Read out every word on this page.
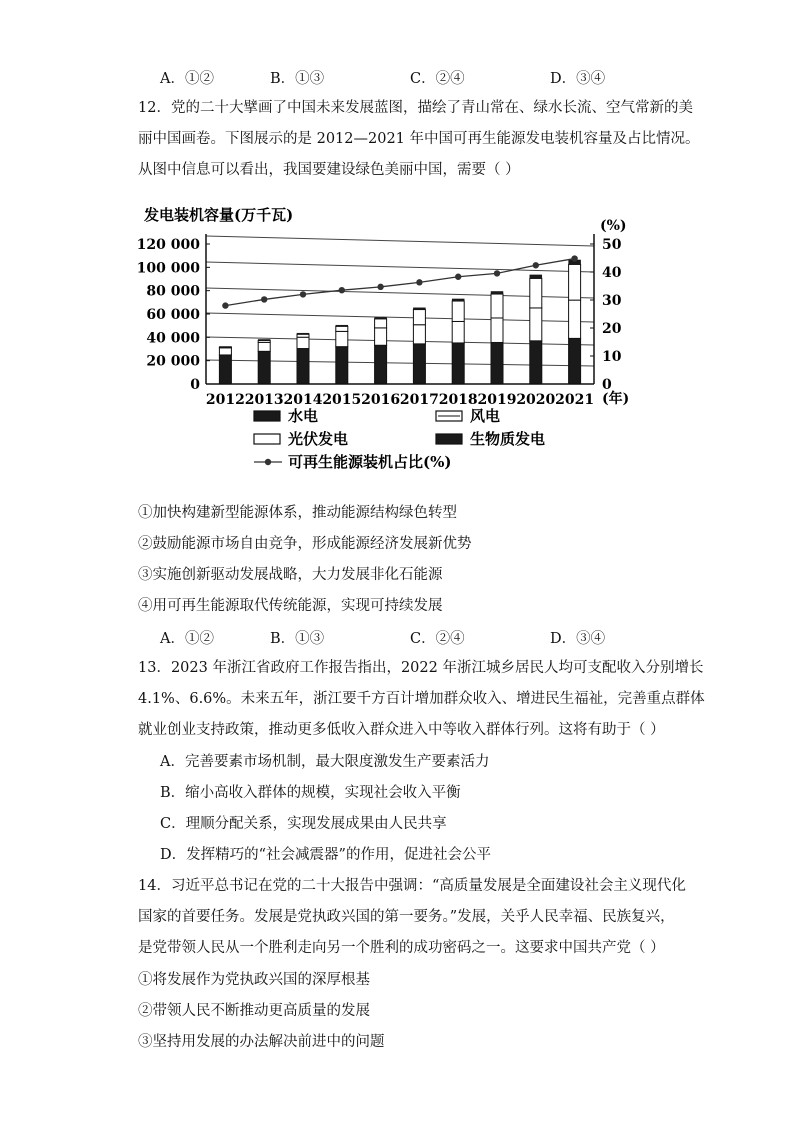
A．①②	B．①③	C．②④	D．③④
12．党的二十大擘画了中国未来发展蓝图，描绘了青山常在、绿水长流、空气常新的美
丽中国画卷。下图展示的是 2012—2021 年中国可再生能源发电装机容量及占比情况。
从图中信息可以看出，我国要建设绿色美丽中国，需要（ ）
发电装机容量(万千瓦)
(%)
(年)
0
20 000
40 000
60 000
80 000
100 000
120 000
0
10
20
30
40
50
2012 2013 2014 2015 2016 2017 2018 2019 2020 2021
水电	风电
光伏发电	生物质发电
可再生能源装机占比(%)
①加快构建新型能源体系，推动能源结构绿色转型
②鼓励能源市场自由竞争，形成能源经济发展新优势
③实施创新驱动发展战略，大力发展非化石能源
④用可再生能源取代传统能源，实现可持续发展
A．①②	B．①③	C．②④	D．③④
13．2023 年浙江省政府工作报告指出，2022 年浙江城乡居民人均可支配收入分别增长
4.1%、6.6%。未来五年，浙江要千方百计增加群众收入、增进民生福祉，完善重点群体
就业创业支持政策，推动更多低收入群众进入中等收入群体行列。这将有助于（ ）
A．完善要素市场机制，最大限度激发生产要素活力
B．缩小高收入群体的规模，实现社会收入平衡
C．理顺分配关系，实现发展成果由人民共享
D．发挥精巧的“社会减震器”的作用，促进社会公平
14．习近平总书记在党的二十大报告中强调：“高质量发展是全面建设社会主义现代化
国家的首要任务。发展是党执政兴国的第一要务。”发展，关乎人民幸福、民族复兴，
是党带领人民从一个胜利走向另一个胜利的成功密码之一。这要求中国共产党（ ）
①将发展作为党执政兴国的深厚根基
②带领人民不断推动更高质量的发展
③坚持用发展的办法解决前进中的问题
